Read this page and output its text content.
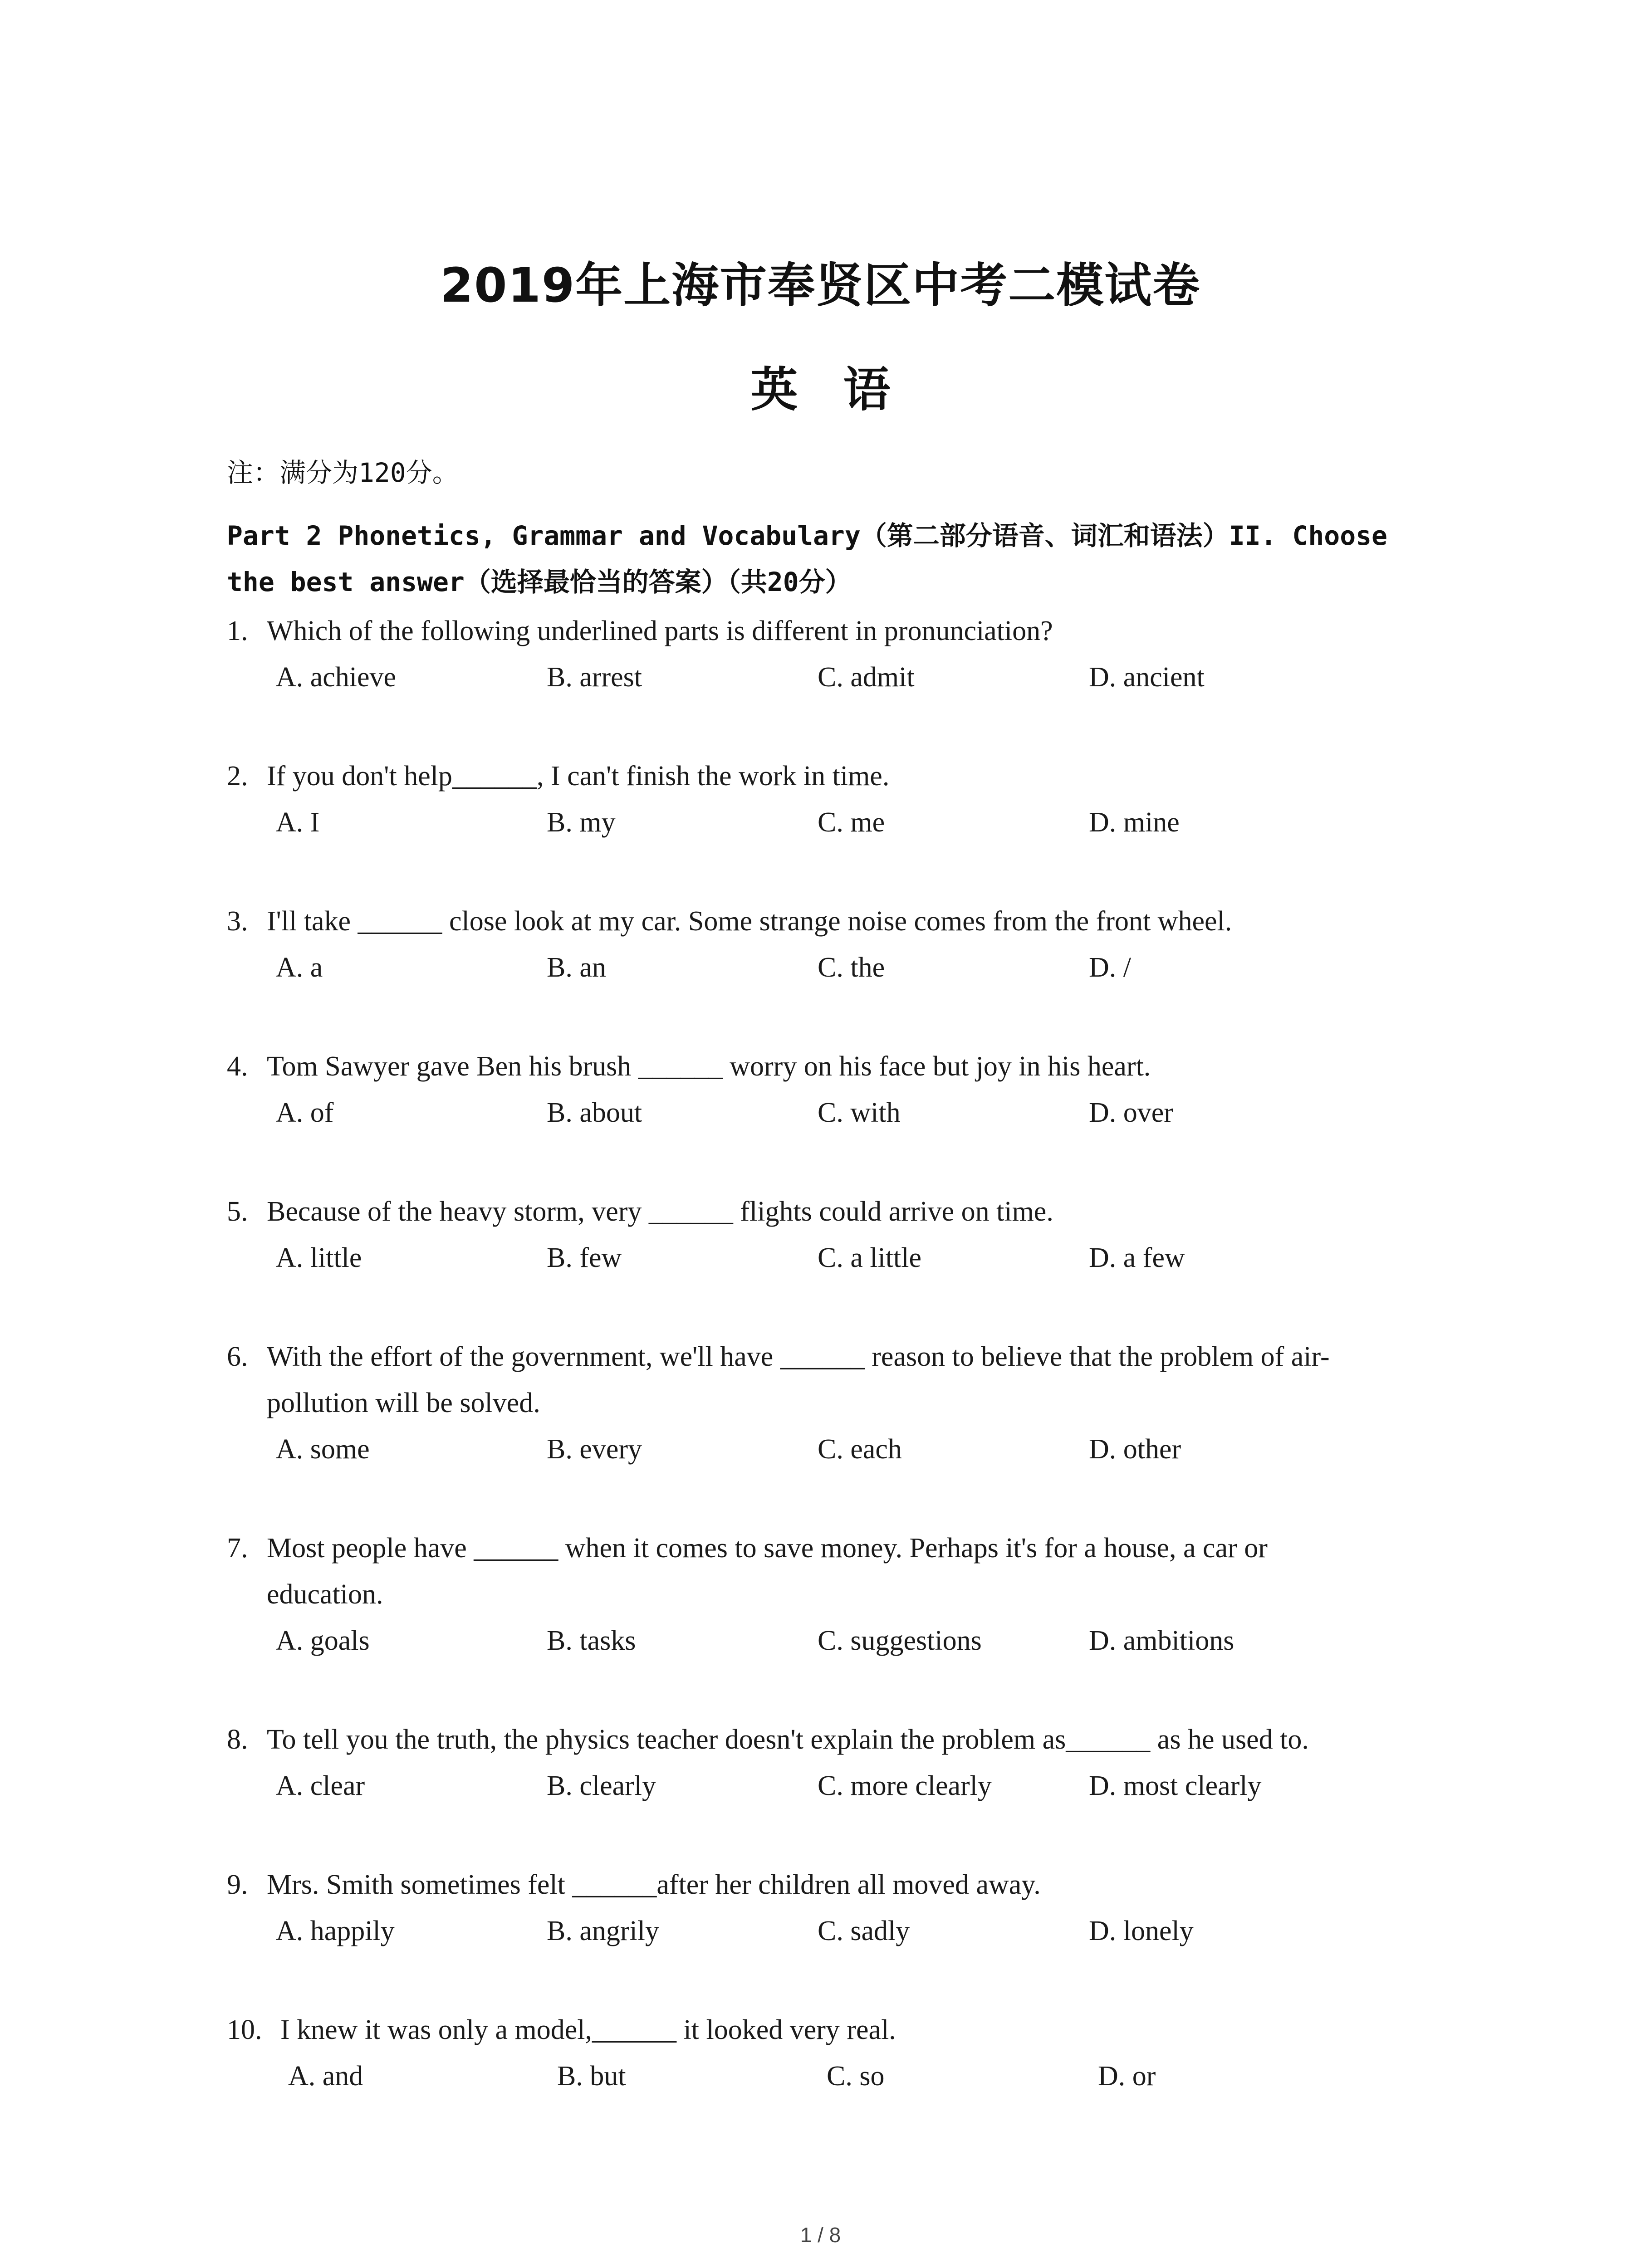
2019年上海市奉贤区中考二模试卷
英语
注：满分为120分。
Part 2 Phonetics, Grammar and Vocabulary（第二部分语音、词汇和语法）II. Choose
the best answer（选择最恰当的答案）（共20分）
1. Which of the following underlined parts is different in pronunciation?
A. achieve	B. arrest	C. admit	D. ancient
2. If you don't help______, I can't finish the work in time.
A. I	B. my	C. me	D. mine
3. I'll take ______ close look at my car. Some strange noise comes from the front wheel.
A. a	B. an	C. the	D. /
4. Tom Sawyer gave Ben his brush ______ worry on his face but joy in his heart.
A. of	B. about	C. with	D. over
5. Because of the heavy storm, very ______ flights could arrive on time.
A. little	B. few	C. a little	D. a few
6. With the effort of the government, we'll have ______ reason to believe that the problem of air-
pollution will be solved.
A. some	B. every	C. each	D. other
7. Most people have ______ when it comes to save money. Perhaps it's for a house, a car or
education.
A. goals	B. tasks	C. suggestions	D. ambitions
8. To tell you the truth, the physics teacher doesn't explain the problem as______ as he used to.
A. clear	B. clearly	C. more clearly	D. most clearly
9. Mrs. Smith sometimes felt ______after her children all moved away.
A. happily	B. angrily	C. sadly	D. lonely
10. I knew it was only a model,______ it looked very real.
A. and	B. but	C. so	D. or
1 / 8
